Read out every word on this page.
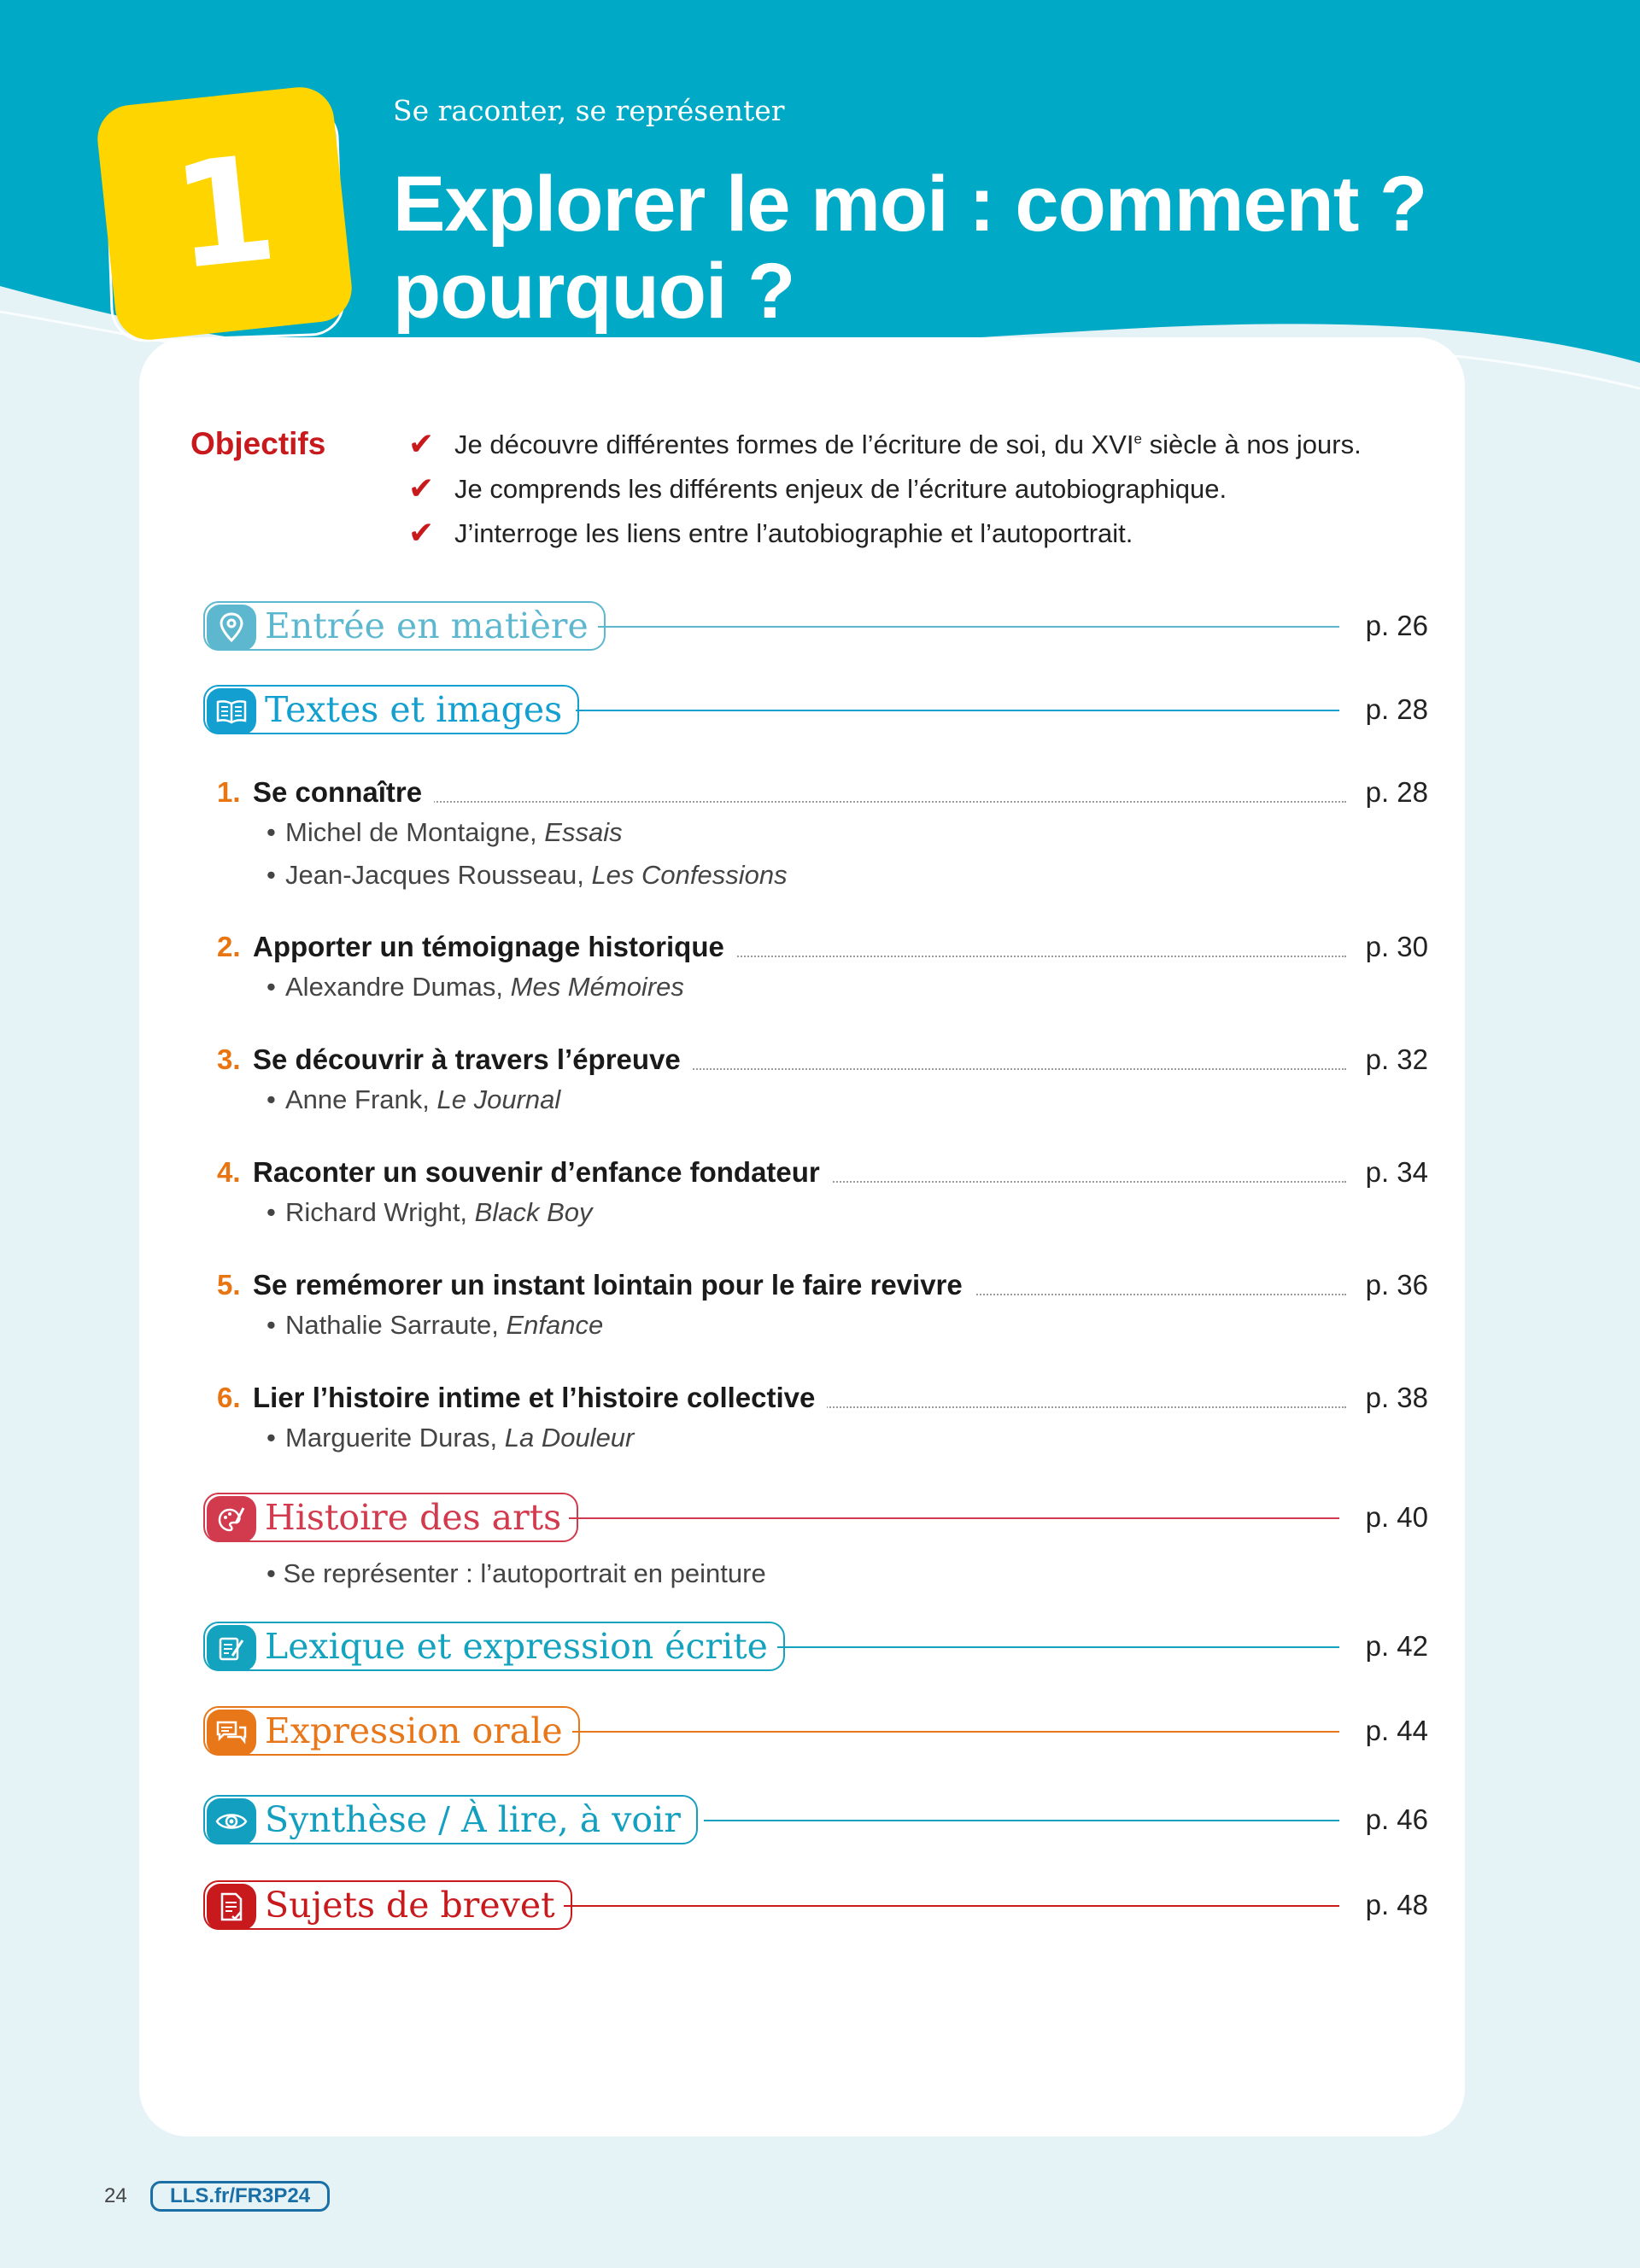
1
Se raconter, se représenter
Explorer le moi : comment ?
pourquoi ?
Objectifs	✔ Je découvre différentes formes de l’écriture de soi, du XVIe siècle à nos jours.
✔ Je comprends les différents enjeux de l’écriture autobiographique.
✔ J’interroge les liens entre l’autobiographie et l’autoportrait.
Entrée en matière	p. 26
Textes et images	p. 28
1. Se connaître	p. 28
• Michel de Montaigne, Essais
• Jean-Jacques Rousseau, Les Confessions
2. Apporter un témoignage historique	p. 30
• Alexandre Dumas, Mes Mémoires
3. Se découvrir à travers l’épreuve	p. 32
• Anne Frank, Le Journal
4. Raconter un souvenir d’enfance fondateur	p. 34
• Richard Wright, Black Boy
5. Se remémorer un instant lointain pour le faire revivre	p. 36
• Nathalie Sarraute, Enfance
6. Lier l’histoire intime et l’histoire collective	p. 38
• Marguerite Duras, La Douleur
Histoire des arts	p. 40
• Se représenter : l’autoportrait en peinture
Lexique et expression écrite	p. 42
Expression orale	p. 44
Synthèse / À lire, à voir	p. 46
Sujets de brevet	p. 48
24	LLS.fr/FR3P24
